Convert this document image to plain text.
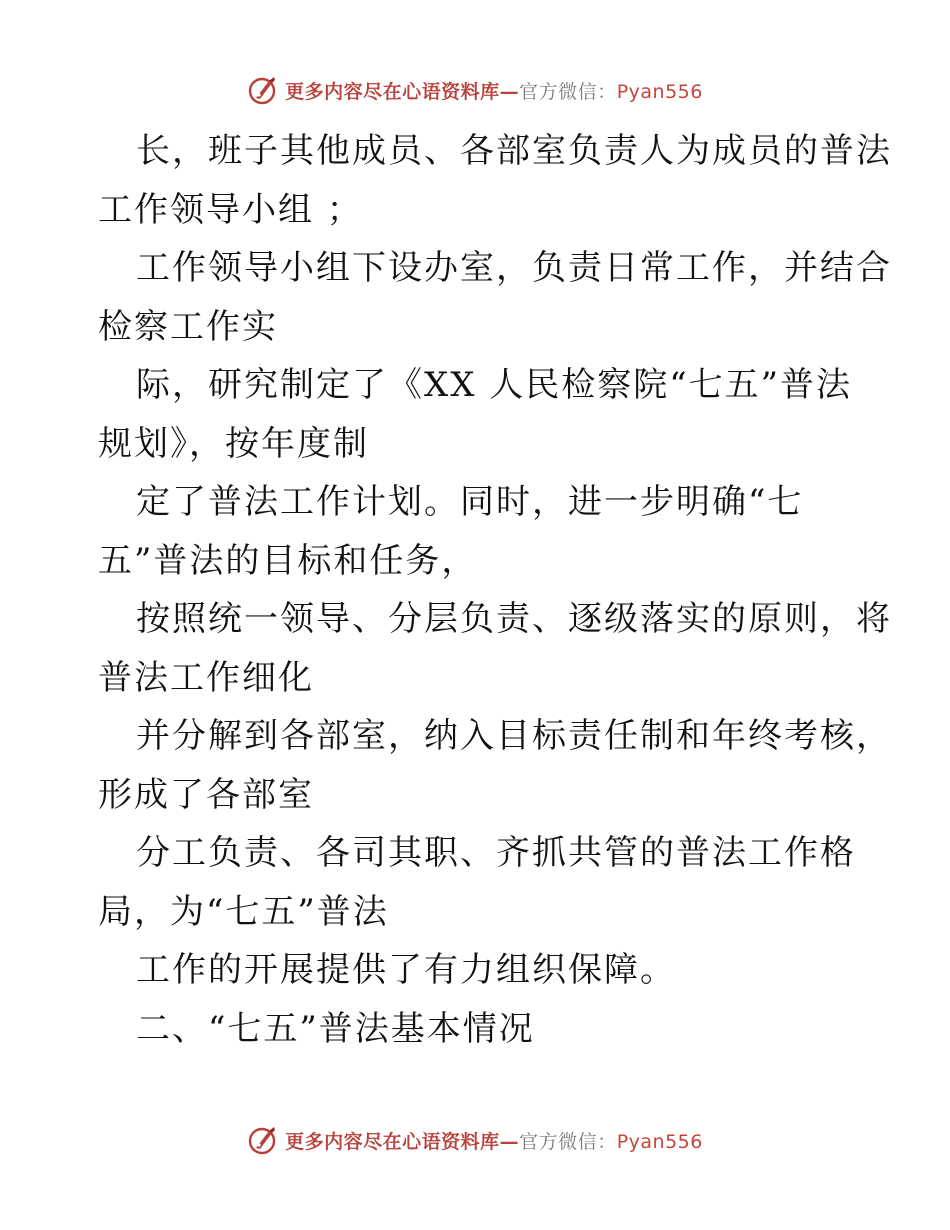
更多内容尽在心语资料库—官方微信：Pyan556
长，班子其他成员、各部室负责人为成员的普法
工作领导小组 ；
工作领导小组下设办室，负责日常工作，并结合
检察工作实
际，研究制定了《XX 人民检察院“七五”普法
规划》，按年度制
定了普法工作计划。同时，进一步明确“七
五”普法的目标和任务，
按照统一领导、分层负责、逐级落实的原则，将
普法工作细化
并分解到各部室，纳入目标责任制和年终考核，
形成了各部室
分工负责、各司其职、齐抓共管的普法工作格
局，为“七五”普法
工作的开展提供了有力组织保障。
二、“七五”普法基本情况
更多内容尽在心语资料库—官方微信：Pyan556
